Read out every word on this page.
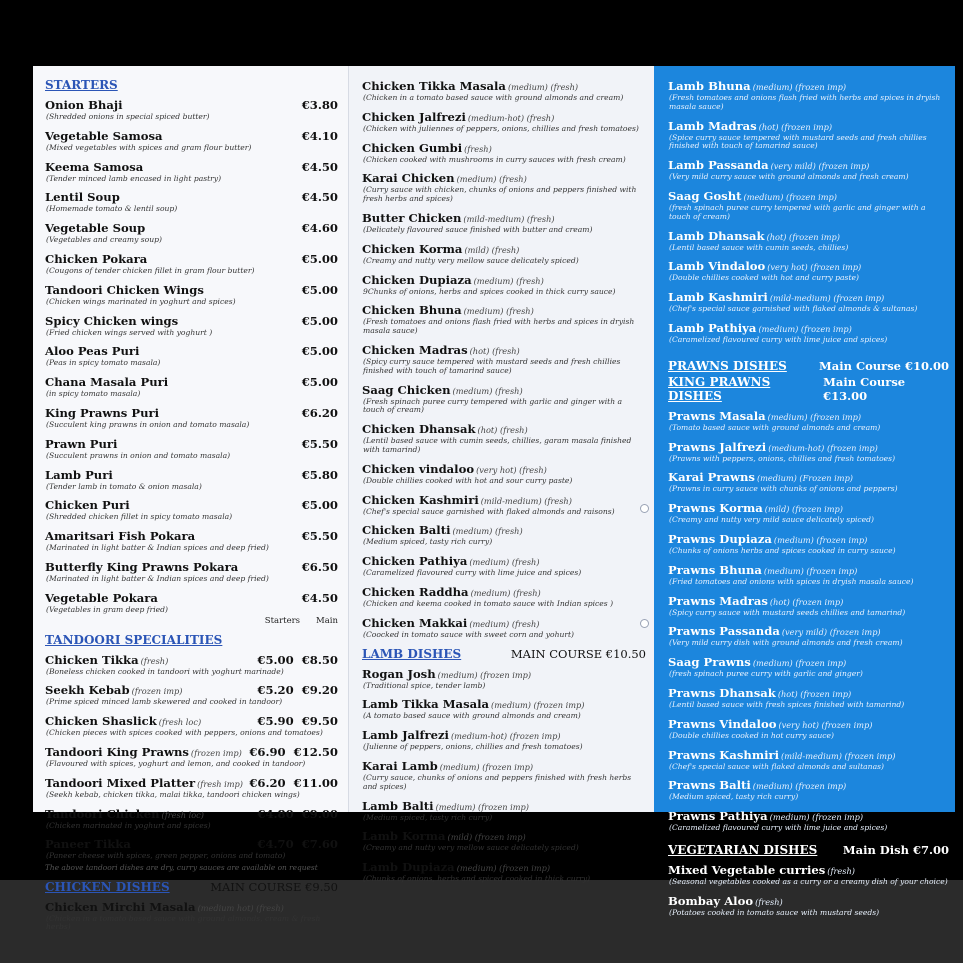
STARTERS
Onion Bhaji	€3.80
(Shredded onions in special spiced butter)
Vegetable Samosa	€4.10
(Mixed vegetables with spices and gram flour butter)
Keema Samosa	€4.50
(Tender minced lamb encased in light pastry)
Lentil Soup	€4.50
(Homemade tomato & lentil soup)
Vegetable Soup	€4.60
(Vegetables and creamy soup)
Chicken Pokara	€5.00
(Cougons of tender chicken fillet in gram flour butter)
Tandoori Chicken Wings	€5.00
(Chicken wings marinated in yoghurt and spices)
Spicy Chicken wings	€5.00
(Fried chicken wings served with yoghurt )
Aloo Peas Puri	€5.00
(Peas in spicy tomato masala)
Chana Masala Puri	€5.00
(in spicy tomato masala)
King Prawns Puri	€6.20
(Succulent king prawns in onion and tomato masala)
Prawn Puri	€5.50
(Succulent prawns in onion and tomato masala)
Lamb Puri	€5.80
(Tender lamb in tomato & onion masala)
Chicken Puri	€5.00
(Shredded chicken fillet in spicy tomato masala)
Amaritsari Fish Pokara	€5.50
(Marinated in light batter & Indian spices and deep fried)
Butterfly King Prawns Pokara	€6.50
(Marinated in light batter & Indian spices and deep fried)
Vegetable Pokara	€4.50
(Vegetables in gram deep fried)
Starters Main
TANDOORI SPECIALITIES
Chicken Tikka (fresh)	€5.00 €8.50
(Boneless chicken cooked in tandoori with yoghurt marinade)
Seekh Kebab (frozen imp)	€5.20 €9.20
(Prime spiced minced lamb skewered and cooked in tandoor)
Chicken Shaslick (fresh loc)	€5.90 €9.50
(Chicken pieces with spices cooked with peppers, onions and tomatoes)
Tandoori King Prawns (frozen imp) €6.90 €12.50
(Flavoured with spices, yoghurt and lemon, and cooked in tandoor)
Tandoori Mixed Platter (fresh imp) €6.20 €11.00
(Seekh kebab, chicken tikka, malai tikka, tandoori chicken wings)
Tandoori Chicken (fresh loc)	€4.80 €9.00
(Chicken marinated in yoghurt and spices)
Paneer Tikka	€4.70 €7.60
(Paneer cheese with spices, green pepper, onions and tomato)
The above tandoori dishes are dry, curry sauces are available on request
CHICKEN DISHES	MAIN COURSE €9.50
Chicken Mirchi Masala (medium hot) (fresh)
(Chicken in a tomato based sauce with ground almonds, cream & fresh herbs)
Chicken Tikka Masala (medium) (fresh)
(Chicken in a tomato based sauce with ground almonds and cream)
Chicken Jalfrezi (medium-hot) (fresh)
(Chicken with juliennes of peppers, onions, chillies and fresh tomatoes)
Chicken Gumbi (fresh)
(Chicken cooked with mushrooms in curry sauces with fresh cream)
Karai Chicken (medium) (fresh)
(Curry sauce with chicken, chunks of onions and peppers finished with fresh herbs and spices)
Butter Chicken (mild-medium) (fresh)
(Delicately flavoured sauce finished with butter and cream)
Chicken Korma (mild) (fresh)
(Creamy and nutty very mellow sauce delicately spiced)
Chicken Dupiaza (medium) (fresh)
9Chunks of onions, herbs and spices cooked in thick curry sauce)
Chicken Bhuna (medium) (fresh)
(Fresh tomatoes and onions flash fried with herbs and spices in dryish masala sauce)
Chicken Madras (hot) (fresh)
(Spicy curry sauce tempered with mustard seeds and fresh chillies finished with touch of tamarind sauce)
Saag Chicken (medium) (fresh)
(Fresh spinach puree curry tempered with garlic and ginger with a touch of cream)
Chicken Dhansak (hot) (fresh)
(Lentil based sauce with cumin seeds, chillies, garam masala finished with tamarind)
Chicken vindaloo (very hot) (fresh)
(Double chillies cooked with hot and sour curry paste)
Chicken Kashmiri (mild-medium) (fresh)
(Chef's special sauce garnished with flaked almonds and raisons)
Chicken Balti (medium) (fresh)
(Medium spiced, tasty rich curry)
Chicken Pathiya (medium) (fresh)
(Caramelized flavoured curry with lime juice and spices)
Chicken Raddha (medium) (fresh)
(Chicken and keema cooked in tomato sauce with Indian spices )
Chicken Makkai (medium) (fresh)
(Coocked in tomato sauce with sweet corn and yohurt)
LAMB DISHES	MAIN COURSE €10.50
Rogan Josh (medium) (frozen imp)
(Traditional spice, tender lamb)
Lamb Tikka Masala (medium) (frozen imp)
(A tomato based sauce with ground almonds and cream)
Lamb Jalfrezi (medium-hot) (frozen imp)
(Julienne of peppers, onions, chillies and fresh tomatoes)
Karai Lamb (medium) (frozen imp)
(Curry sauce, chunks of onions and peppers finished with fresh herbs and spices)
Lamb Balti (medium) (frozen imp)
(Medium spiced, tasty rich curry)
Lamb Korma (mild) (frozen imp)
(Creamy and nutty very mellow sauce delicately spiced)
Lamb Dupiaza (medium) (frozen imp)
(Chunks of onions, herbs and spiced cooked in thick curry)
Lamb Bhuna (medium) (frozen imp)
(Fresh tomatoes and onions flash fried with herbs and spices in dryish masala sauce)
Lamb Madras (hot) (frozen imp)
(Spice curry sauce tempered with mustard seeds and fresh chillies finished with touch of tamarind sauce)
Lamb Passanda (very mild) (frozen imp)
(Very mild curry sauce with ground almonds and fresh cream)
Saag Gosht (medium) (frozen imp)
(fresh spinach puree curry tempered with garlic and ginger with a touch of cream)
Lamb Dhansak (hot) (frozen imp)
(Lentil based sauce with cumin seeds, chillies)
Lamb Vindaloo (very hot) (frozen imp)
(Double chillies cooked with hot and curry paste)
Lamb Kashmiri (mild-medium) (frozen imp)
(Chef's special sauce garnished with flaked almonds & sultanas)
Lamb Pathiya (medium) (frozen imp)
(Caramelized flavoured curry with lime juice and spices)
PRAWNS DISHES	Main Course €10.00
KING PRAWNS DISHES
Main Course €13.00
Prawns Masala (medium) (frozen imp)
(Tomato based sauce with ground almonds and cream)
Prawns Jalfrezi (medium-hot) (frozen imp)
(Prawns with peppers, onions, chillies and fresh tomatoes)
Karai Prawns (medium) (Frozen imp)
(Prawns in curry sauce with chunks of onions and peppers)
Prawns Korma (mild) (frozen imp)
(Creamy and nutty very mild sauce delicately spiced)
Prawns Dupiaza (medium) (frozen imp)
(Chunks of onions herbs and spices cooked in curry sauce)
Prawns Bhuna (medium) (frozen imp)
(Fried tomatoes and onions with spices in dryish masala sauce)
Prawns Madras (hot) (frozen imp)
(Spicy curry sauce with mustard seeds chillies and tamarind)
Prawns Passanda (very mild) (frozen imp)
(Very mild curry dish with ground almonds and fresh cream)
Saag Prawns (medium) (frozen imp)
(fresh spinach puree curry with garlic and ginger)
Prawns Dhansak (hot) (frozen imp)
(Lentil based sauce with fresh spices finished with tamarind)
Prawns Vindaloo (very hot) (frozen imp)
(Double chillies cooked in hot curry sauce)
Prawns Kashmiri (mild-medium) (frozen imp)
(Chef's special sauce with flaked almonds and sultanas)
Prawns Balti (medium) (frozen imp)
(Medium spiced, tasty rich curry)
Prawns Pathiya (medium) (frozen imp)
(Caramelized flavoured curry with lime juice and spices)
VEGETARIAN DISHES Main Dish €7.00
Mixed Vegetable curries (fresh)
(Seasonal vegetables cooked as a curry or a creamy dish of your choice)
Bombay Aloo (fresh)
(Potatoes cooked in tomato sauce with mustard seeds)
